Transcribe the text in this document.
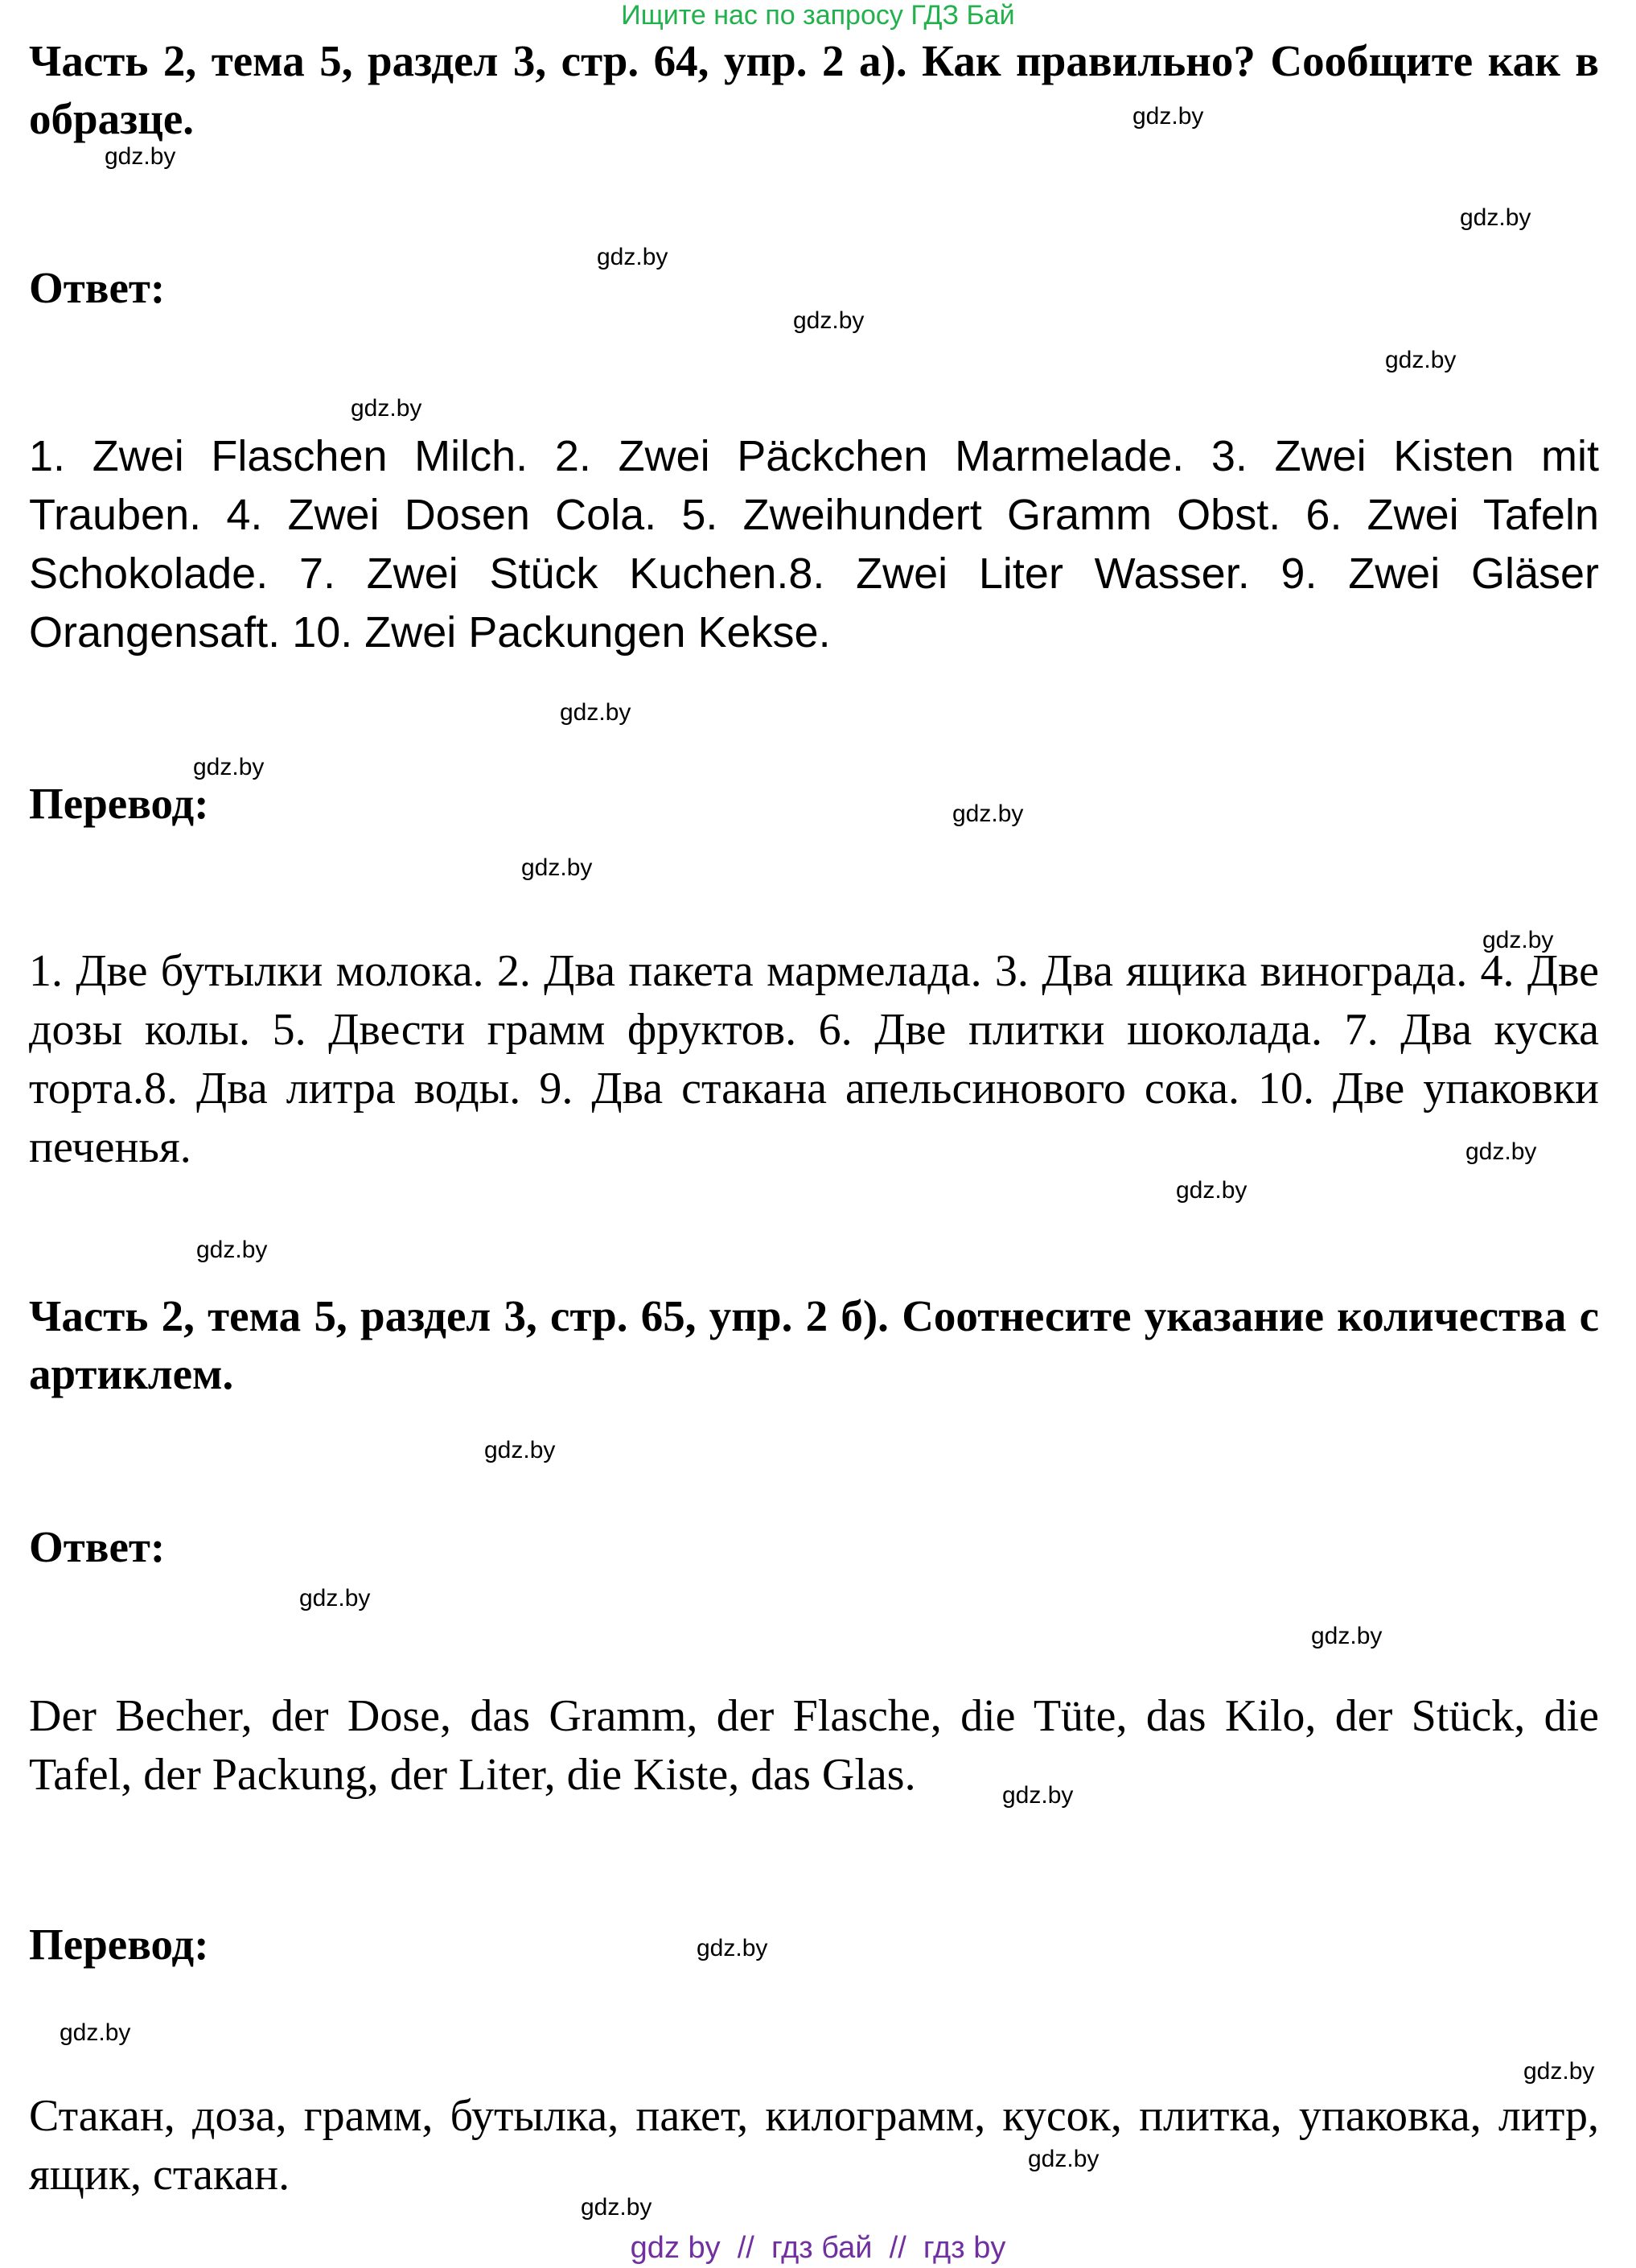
Ищите нас по запросу ГДЗ Бай
Часть 2, тема 5, раздел 3, стр. 64, упр. 2 а). Как правильно? Сообщите как в образце.
Ответ:
1. Zwei Flaschen Milch. 2. Zwei Päckchen Marmelade. 3. Zwei Kisten mit Trauben. 4. Zwei Dosen Cola. 5. Zweihundert Gramm Obst. 6. Zwei Tafeln Schokolade. 7. Zwei Stück Kuchen.8. Zwei Liter Wasser. 9. Zwei Gläser Orangensaft. 10. Zwei Packungen Kekse.
Перевод:
1. Две бутылки молока. 2. Два пакета мармелада. 3. Два ящика винограда. 4. Две дозы колы. 5. Двести грамм фруктов. 6. Две плитки шоколада. 7. Два куска торта.8. Два литра воды. 9. Два стакана апельсинового сока. 10. Две упаковки печенья.
Часть 2, тема 5, раздел 3, стр. 65, упр. 2 б). Соотнесите указание количества с артиклем.
Ответ:
Der Becher, der Dose, das Gramm, der Flasche, die Tüte, das Kilo, der Stück, die Tafel, der Packung, der Liter, die Kiste, das Glas.
Перевод:
Стакан, доза, грамм, бутылка, пакет, килограмм, кусок, плитка, упаковка, литр, ящик, стакан.
gdz.by
gdz.by
gdz.by
gdz.by
gdz.by
gdz.by
gdz.by
gdz.by
gdz.by
gdz.by
gdz.by
gdz.by
gdz.by
gdz.by
gdz.by
gdz.by
gdz.by
gdz.by
gdz.by
gdz.by
gdz.by
gdz.by
gdz.by
gdz.by
gdz by  //  гдз бай  //  гдз by
